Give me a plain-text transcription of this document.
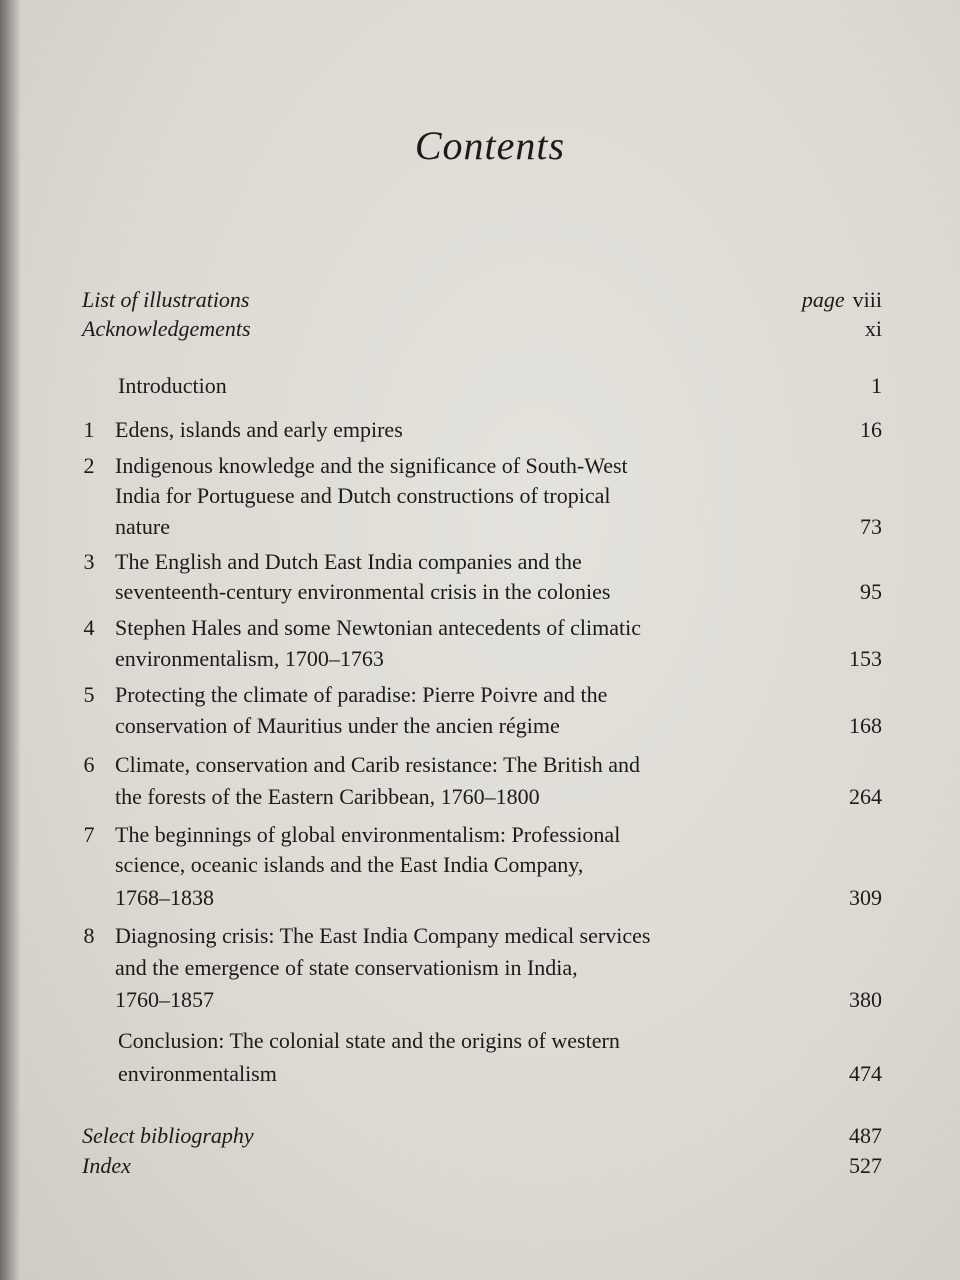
Contents
List of illustrations	page viii
Acknowledgements	xi
Introduction	1
1 Edens, islands and early empires	16
2 Indigenous knowledge and the significance of South-West
India for Portuguese and Dutch constructions of tropical
nature	73
3 The English and Dutch East India companies and the
seventeenth-century environmental crisis in the colonies	95
4 Stephen Hales and some Newtonian antecedents of climatic
environmentalism, 1700–1763	153
5 Protecting the climate of paradise: Pierre Poivre and the
conservation of Mauritius under the ancien régime	168
6 Climate, conservation and Carib resistance: The British and
the forests of the Eastern Caribbean, 1760–1800	264
7 The beginnings of global environmentalism: Professional
science, oceanic islands and the East India Company,
1768–1838	309
8 Diagnosing crisis: The East India Company medical services
and the emergence of state conservationism in India,
1760–1857	380
Conclusion: The colonial state and the origins of western
environmentalism	474
Select bibliography	487
Index	527
